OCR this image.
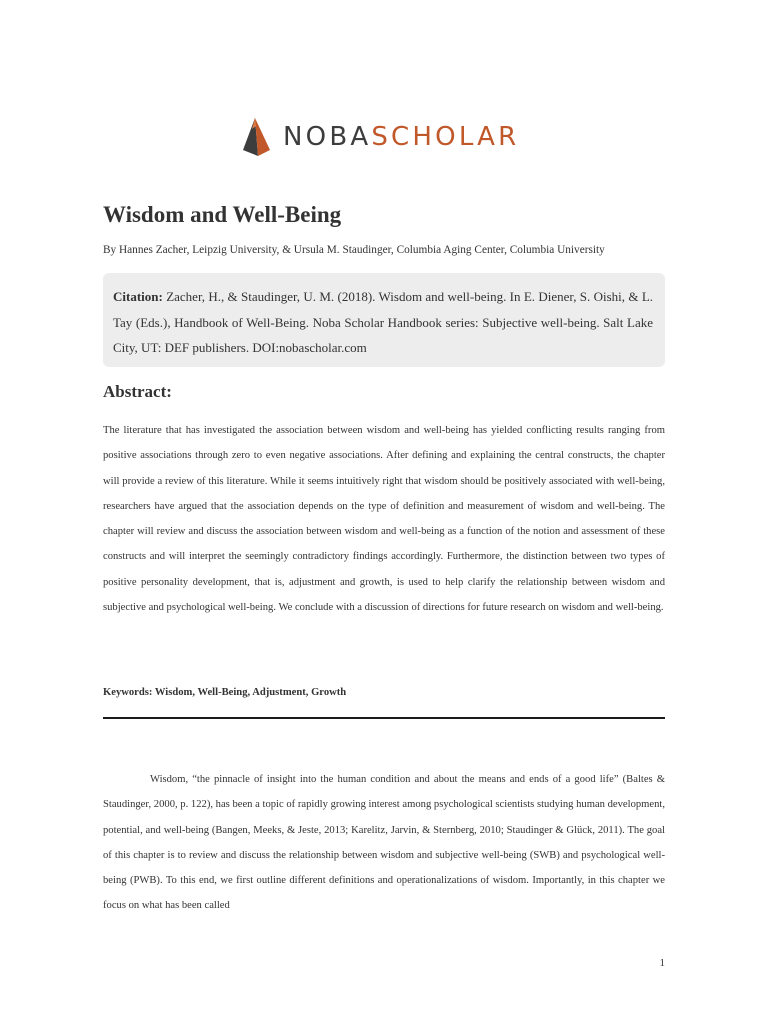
NOBASCHOLAR
Wisdom and Well-Being
By Hannes Zacher, Leipzig University, & Ursula M. Staudinger, Columbia Aging Center, Columbia University
Citation: Zacher, H., & Staudinger, U. M. (2018). Wisdom and well-being. In E. Diener, S. Oishi, & L. Tay (Eds.), Handbook of Well-Being. Noba Scholar Handbook series: Subjective well-being. Salt Lake City, UT: DEF publishers. DOI:nobascholar.com
Abstract:

The literature that has investigated the association between wisdom and well-being has yielded conflicting results ranging from positive associations through zero to even negative associations. After defining and explaining the central constructs, the chapter will provide a review of this literature. While it seems intuitively right that wisdom should be positively associated with well-being, researchers have argued that the association depends on the type of definition and measurement of wisdom and well-being. The chapter will review and discuss the association between wisdom and well-being as a function of the notion and assessment of these constructs and will interpret the seemingly contradictory findings accordingly. Furthermore, the distinction between two types of positive personality development, that is, adjustment and growth, is used to help clarify the relationship between wisdom and subjective and psychological well-being. We conclude with a discussion of directions for future research on wisdom and well-being.

Keywords: Wisdom, Well-Being, Adjustment, Growth

Wisdom, “the pinnacle of insight into the human condition and about the means and ends of a good life” (Baltes & Staudinger, 2000, p. 122), has been a topic of rapidly growing interest among psychological scientists studying human development, potential, and well-being (Bangen, Meeks, & Jeste, 2013; Karelitz, Jarvin, & Sternberg, 2010; Staudinger & Glück, 2011). The goal of this chapter is to review and discuss the relationship between wisdom and subjective well-being (SWB) and psychological well-being (PWB). To this end, we first outline different definitions and operationalizations of wisdom. Importantly, in this chapter we focus on what has been called

1
